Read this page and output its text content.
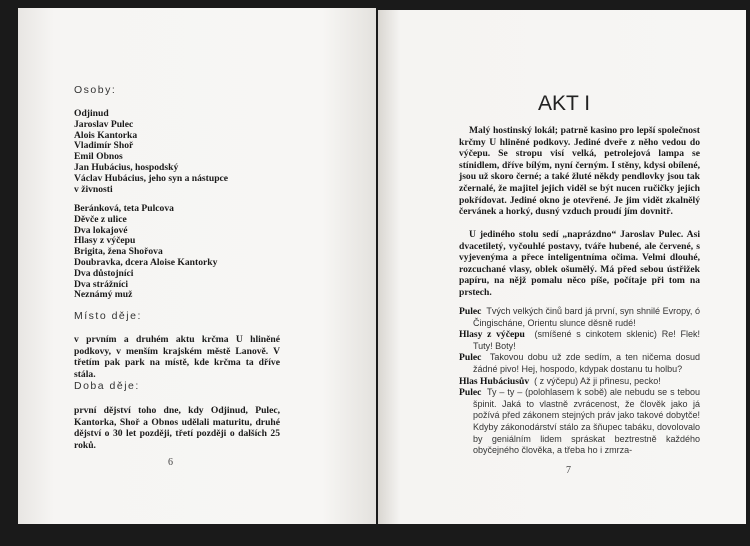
Osoby:
Odjinud
Jaroslav Pulec
Alois Kantorka
Vladimír Shoř
Emil Obnos
Jan Hubácius, hospodský
Václav Hubácius, jeho syn a nástupce
v živnosti
Beránková, teta Pulcova
Děvče z ulice
Dva lokajové
Hlasy z výčepu
Brigita, žena Shořova
Doubravka, dcera Aloise Kantorky
Dva důstojníci
Dva strážníci
Neznámý muž
Místo děje:
v prvním a druhém aktu krčma U hliněné podkovy, v menším krajském městě Lanově. V třetím pak park na místě, kde krčma ta dříve stála.
Doba děje:
první dějství toho dne, kdy Odjinud, Pulec, Kantorka, Shoř a Obnos udělali maturitu, druhé dějství o 30 let později, třetí později o dalších 25 roků.
6
AKT I
Malý hostinský lokál; patrně kasino pro lepší společnost krčmy U hliněné podkovy. Jediné dveře z něho vedou do výčepu. Se stropu visí velká, petrolejová lampa se stínidlem, dříve bílým, nyní černým. I stěny, kdysi obílené, jsou už skoro černé; a také žluté někdy pendlovky jsou tak zčernalé, že majitel jejich viděl se být nucen ručičky jejich pokřídovat. Jediné okno je otevřené. Je jim vidět zkalnělý červánek a horký, dusný vzduch proudí jím dovnitř.
U jediného stolu sedí „naprázdno“ Jaroslav Pulec. Asi dvacetiletý, vyčouhlé postavy, tváře hubené, ale červené, s vyjevenýma a přece inteligentníma očima. Velmi dlouhé, rozcuchané vlasy, oblek ošumělý. Má před sebou ústřižek papíru, na nějž pomalu něco píše, počítaje při tom na prstech.
Pulec Tvých velkých činů bard já první, syn shnilé Evropy, ó Čingischáne, Orientu slunce děsně rudé!
Hlasy z výčepu (smíšené s cinkotem sklenic) Re! Flek! Tuty! Boty!
Pulec Takovou dobu už zde sedím, a ten ničema dosud žádné pivo! Hej, hospodo, kdypak dostanu tu holbu?
Hlas Hubáciusův ( z výčepu) Až ji přinesu, pecko!
Pulec Ty – ty – (polohlasem k sobě) ale nebudu se s tebou špinit. Jaká to vlastně zvrácenost, že člověk jako já požívá před zákonem stejných práv jako takové dobytče! Kdyby zákonodárství stálo za šňupec tabáku, dovolovalo by geniálním lidem spráskat beztrestně každého obyčejného člověka, a třeba ho i zmrza-
7
